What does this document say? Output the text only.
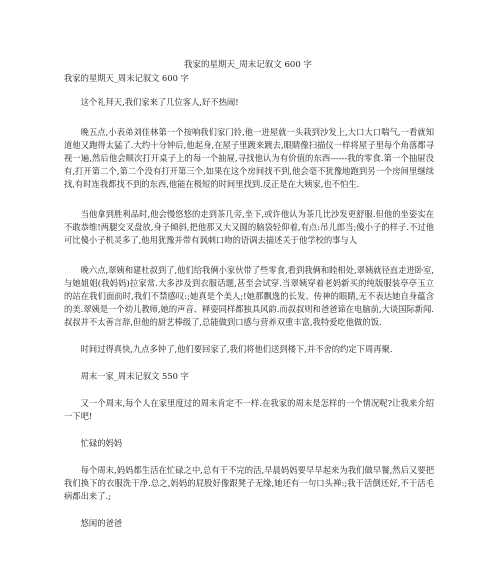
我家的星期天_周末记叙文 600 字

我家的星期天_周末记叙文 600 字

这个礼拜天,我们家来了几位客人,好不热闹!

晚五点,小表弟刘佳林第一个按响我们家门铃,他一进屋就一头栽到沙发上,大口大口喘气,一看就知道他又跑得太猛了.大约十分钟后,他起身,在屋子里踱来踱去,眼睛像扫描仪一样将屋子里每个角落都寻视一遍,然后他会顺次打开桌子上的每一个抽屉,寻找他认为有价值的东西------我的零食.第一个抽屉没有,打开第二个,第二个没有打开第三个,如果在这个房间找不到,他会毫不犹豫地跑到另一个房间里继续找,有时连我都找不到的东西,他能在极短的时间里找到.反正是在大姨家,也不怕生.

当他拿到胜利品时,他会慢悠悠的走到茶几旁,坐下,或许他认为茶几比沙发更舒服.但他的坐姿实在不敢恭维!两腿交叉盘放,身子倾斜,把他那又大又圆的脑袋轻仰着,有点:吊儿郎当;傻小子的样子.不过他可比傻小子机灵多了,他用犹豫并带有讽刺口吻的语调去描述关于他学校的事与人

晚六点,翠姨和建杜叔到了,他们给我俩小家伙带了些零食,看到我俩和睦相处,翠姨就径直走进卧室,与她姐姐(我妈妈)拉家常.大多涉及到衣服话题,甚至会试穿.当翠姨穿着老妈新买的纯版服装亭亭玉立的站在我们面前时,我们不禁感叹:;她真是个美人;!她那飘逸的长发、传神的眼睛,无不表达她自身蕴含的美.翠姨是一个幼儿教师,她的声音、释姿同样都独具风韵.而叔叔则和爸爸谛在电脑前,大谈国际新闻.叔叔并不太善言辞,但他的厨艺棒级了,总能做到口感与营养双重丰富,我特爱吃他做的饭.

时间过得真快,九点多钟了,他们要回家了,我们将他们送到楼下,并不舍的约定下周再聚.

周末一家_周末记叙文 550 字

又一个周末,每个人在家里度过的周末肯定不一样.在我家的周末是怎样的一个情况呢?让我来介绍一下吧!

忙碌的妈妈

每个周末,妈妈都生活在忙碌之中,总有干不完的活,早晨妈妈要早早起来为我们做早餐,然后又要把我们换下的衣服洗干净.总之,妈妈的屁股好像跟凳子无缘,她还有一句口头禅:;我干活倒还好,不干活毛病都出来了.;

悠闲的爸爸
